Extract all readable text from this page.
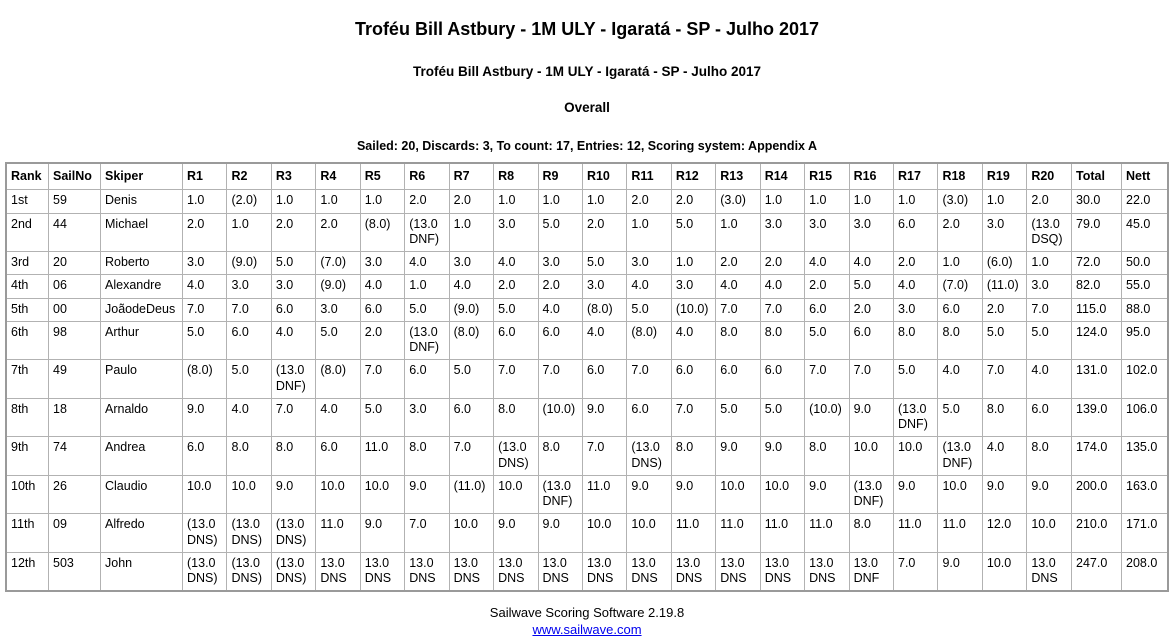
Troféu Bill Astbury - 1M ULY - Igaratá - SP - Julho 2017
Troféu Bill Astbury - 1M ULY - Igaratá - SP - Julho 2017
Overall
Sailed: 20, Discards: 3, To count: 17, Entries: 12, Scoring system: Appendix A
Rank	SailNo	Skiper	R1	R2	R3	R4	R5	R6	R7	R8	R9	R10	R11	R12	R13	R14	R15	R16	R17	R18	R19	R20	Total	Nett
1st	59	Denis	1.0	(2.0)	1.0	1.0	1.0	2.0	2.0	1.0	1.0	1.0	2.0	2.0	(3.0)	1.0	1.0	1.0	1.0	(3.0)	1.0	2.0	30.0	22.0
2nd	44	Michael	2.0	1.0	2.0	2.0	(8.0)	(13.0 DNF)	1.0	3.0	5.0	2.0	1.0	5.0	1.0	3.0	3.0	3.0	6.0	2.0	3.0	(13.0 DSQ)	79.0	45.0
3rd	20	Roberto	3.0	(9.0)	5.0	(7.0)	3.0	4.0	3.0	4.0	3.0	5.0	3.0	1.0	2.0	2.0	4.0	4.0	2.0	1.0	(6.0)	1.0	72.0	50.0
4th	06	Alexandre	4.0	3.0	3.0	(9.0)	4.0	1.0	4.0	2.0	2.0	3.0	4.0	3.0	4.0	4.0	2.0	5.0	4.0	(7.0)	(11.0)	3.0	82.0	55.0
5th	00	JoãodeDeus	7.0	7.0	6.0	3.0	6.0	5.0	(9.0)	5.0	4.0	(8.0)	5.0	(10.0)	7.0	7.0	6.0	2.0	3.0	6.0	2.0	7.0	115.0	88.0
6th	98	Arthur	5.0	6.0	4.0	5.0	2.0	(13.0 DNF)	(8.0)	6.0	6.0	4.0	(8.0)	4.0	8.0	8.0	5.0	6.0	8.0	8.0	5.0	5.0	124.0	95.0
7th	49	Paulo	(8.0)	5.0	(13.0 DNF)	(8.0)	7.0	6.0	5.0	7.0	7.0	6.0	7.0	6.0	6.0	6.0	7.0	7.0	5.0	4.0	7.0	4.0	131.0	102.0
8th	18	Arnaldo	9.0	4.0	7.0	4.0	5.0	3.0	6.0	8.0	(10.0)	9.0	6.0	7.0	5.0	5.0	(10.0)	9.0	(13.0 DNF)	5.0	8.0	6.0	139.0	106.0
9th	74	Andrea	6.0	8.0	8.0	6.0	11.0	8.0	7.0	(13.0 DNS)	8.0	7.0	(13.0 DNS)	8.0	9.0	9.0	8.0	10.0	10.0	(13.0 DNF)	4.0	8.0	174.0	135.0
10th	26	Claudio	10.0	10.0	9.0	10.0	10.0	9.0	(11.0)	10.0	(13.0 DNF)	11.0	9.0	9.0	10.0	10.0	9.0	(13.0 DNF)	9.0	10.0	9.0	9.0	200.0	163.0
11th	09	Alfredo	(13.0 DNS)	(13.0 DNS)	(13.0 DNS)	11.0	9.0	7.0	10.0	9.0	9.0	10.0	10.0	11.0	11.0	11.0	11.0	8.0	11.0	11.0	12.0	10.0	210.0	171.0
12th	503	John	(13.0 DNS)	(13.0 DNS)	(13.0 DNS)	13.0 DNS	13.0 DNS	13.0 DNS	13.0 DNS	13.0 DNS	13.0 DNS	13.0 DNS	13.0 DNS	13.0 DNS	13.0 DNS	13.0 DNS	13.0 DNS	13.0 DNF	7.0	9.0	10.0	13.0 DNS	247.0	208.0
Sailwave Scoring Software 2.19.8
www.sailwave.com
